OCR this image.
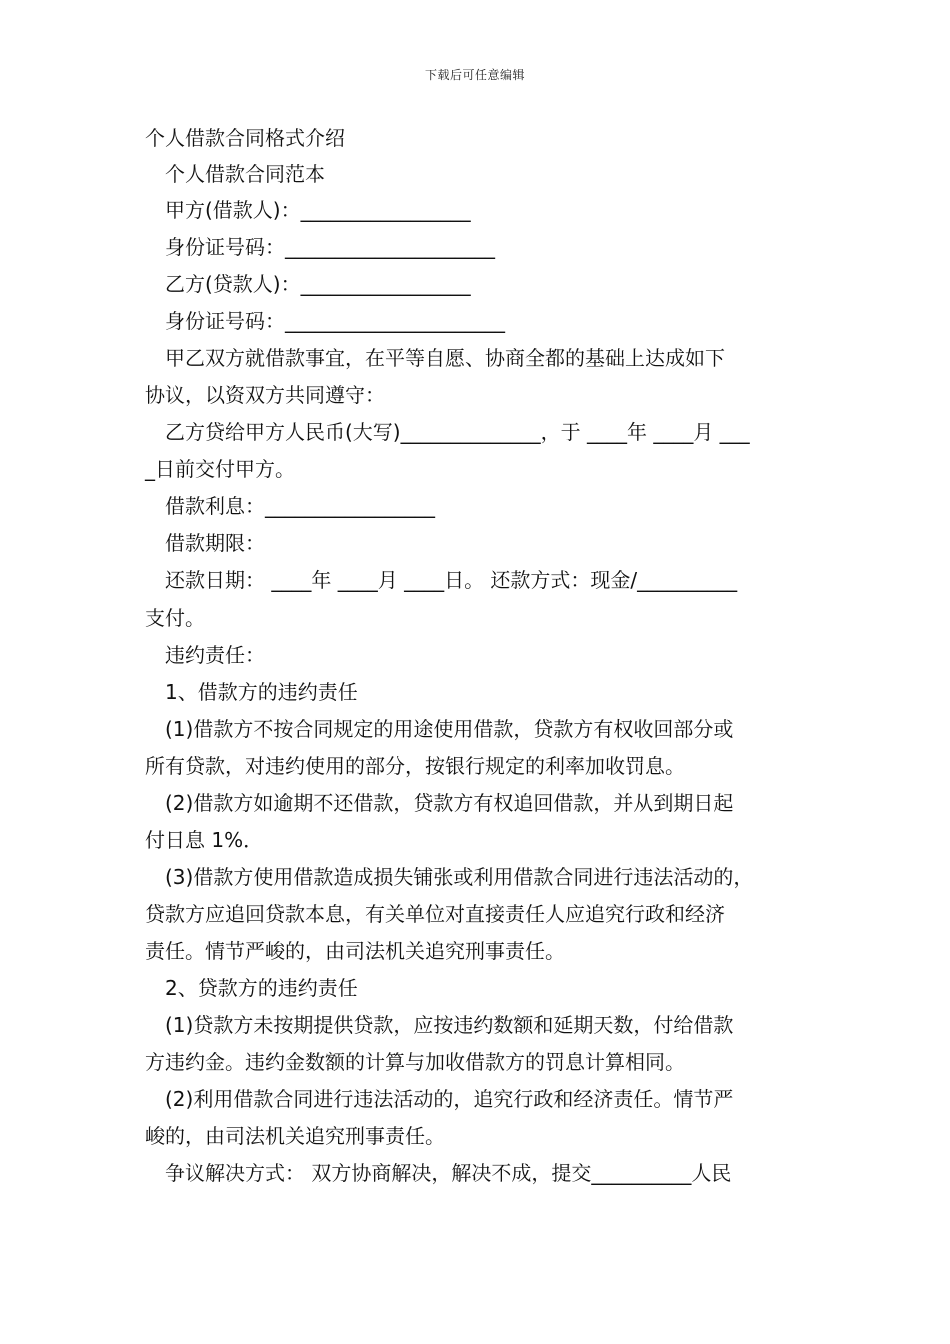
下载后可任意编辑
个人借款合同格式介绍
个人借款合同范本
甲方(借款人)：_________________
身份证号码：_____________________
乙方(贷款人)：_________________
身份证号码：______________________
甲乙双方就借款事宜，在平等自愿、协商全都的基础上达成如下
协议，以资双方共同遵守：
乙方贷给甲方人民币(大写)______________，于 ____年 ____月 ___
_日前交付甲方。
借款利息：_________________
借款期限：
还款日期： ____年 ____月 ____日。 还款方式：现金/__________
支付。
违约责任：
1、借款方的违约责任
(1)借款方不按合同规定的用途使用借款，贷款方有权收回部分或
所有贷款，对违约使用的部分，按银行规定的利率加收罚息。
(2)借款方如逾期不还借款，贷款方有权追回借款，并从到期日起
付日息 1%．
(3)借款方使用借款造成损失铺张或利用借款合同进行违法活动的，
贷款方应追回贷款本息，有关单位对直接责任人应追究行政和经济
责任。情节严峻的，由司法机关追究刑事责任。
2、贷款方的违约责任
(1)贷款方未按期提供贷款，应按违约数额和延期天数，付给借款
方违约金。违约金数额的计算与加收借款方的罚息计算相同。
(2)利用借款合同进行违法活动的，追究行政和经济责任。情节严
峻的，由司法机关追究刑事责任。
争议解决方式： 双方协商解决，解决不成，提交__________人民
